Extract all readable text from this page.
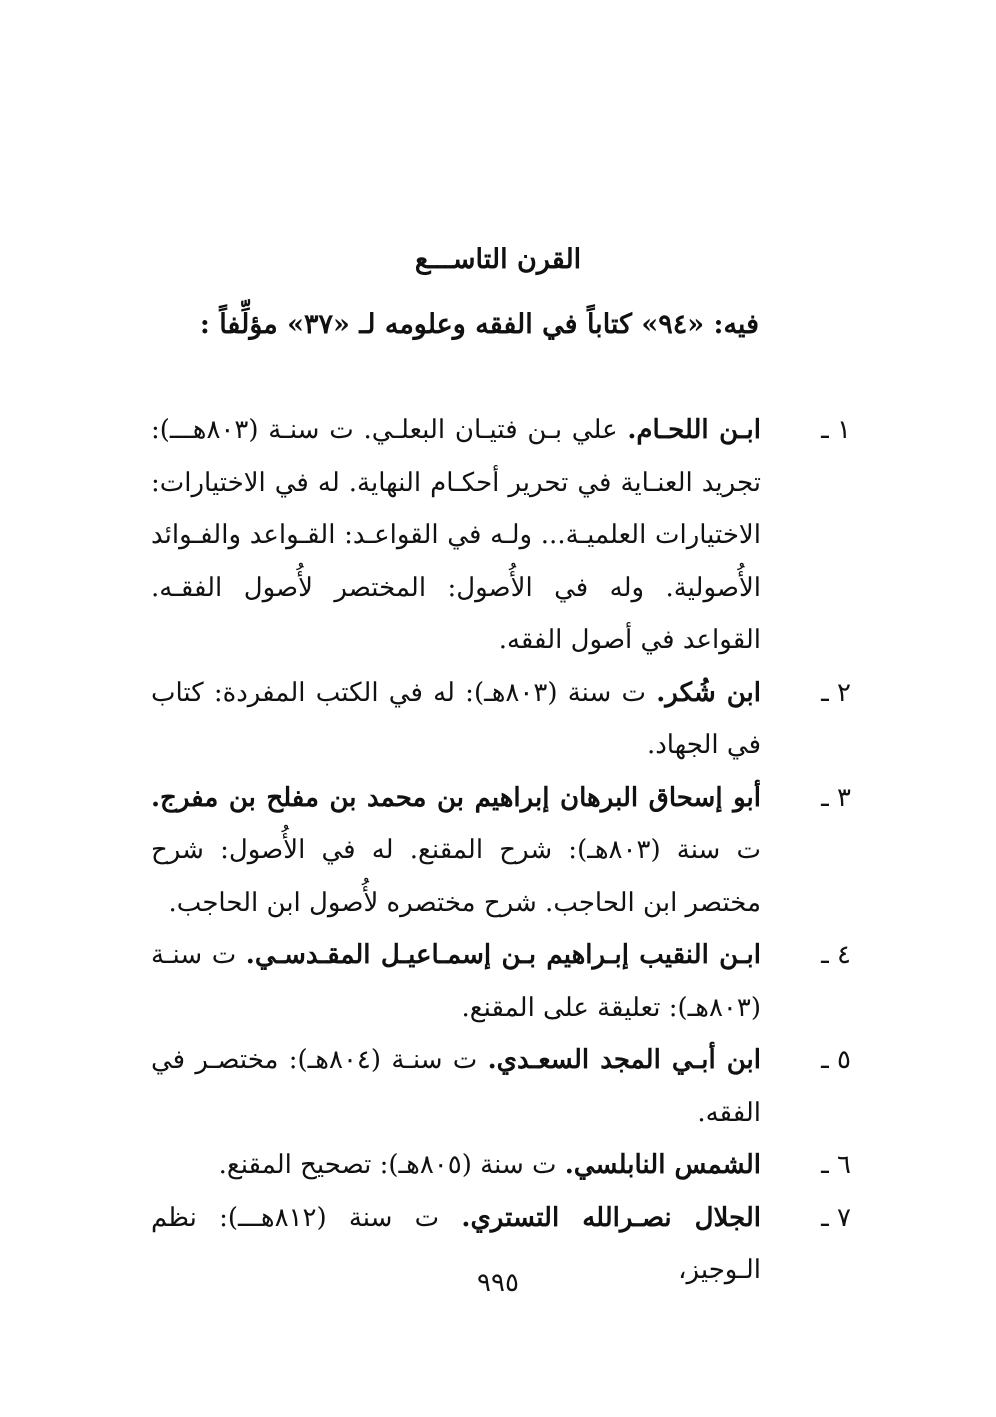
القرن التاســـع

فيه: «٩٤» كتاباً في الفقه وعلومه لـ «٣٧» مؤلِّفاً :

١ ـ
ابـن اللحـام. علي بـن فتيـان البعلـي. ت سنـة (٨٠٣هـــ): تجريد العنـاية في تحرير أحكـام النهاية. له في الاختيارات: الاختيارات العلميـة... ولـه في القواعـد: القـواعد والفـوائد الأُصولية. وله في الأُصول: المختصر لأُصول الفقـه. القواعد في أصول الفقه.
٢ ـ
ابن شُكر. ت سنة (٨٠٣هـ): له في الكتب المفردة: كتاب في الجهاد.
٣ ـ
أبو إسحاق البرهان إبراهيم بن محمد بن مفلح بن مفرج. ت سنة (٨٠٣هـ): شرح المقنع. له في الأُصول: شرح مختصر ابن الحاجب. شرح مختصره لأُصول ابن الحاجب.
٤ ـ
ابـن النقيب إبـراهيم بـن إسمـاعيـل المقـدسـي. ت سنـة (٨٠٣هـ): تعليقة على المقنع.
٥ ـ
ابن أبـي المجد السعـدي. ت سنـة (٨٠٤هـ): مختصـر في الفقه.
٦ ـ
الشمس النابلسي. ت سنة (٨٠٥هـ): تصحيح المقنع.
٧ ـ
الجلال نصـرالله التستري. ت سنة (٨١٢هـــ): نظم الـوجيز،
٩٩٥
